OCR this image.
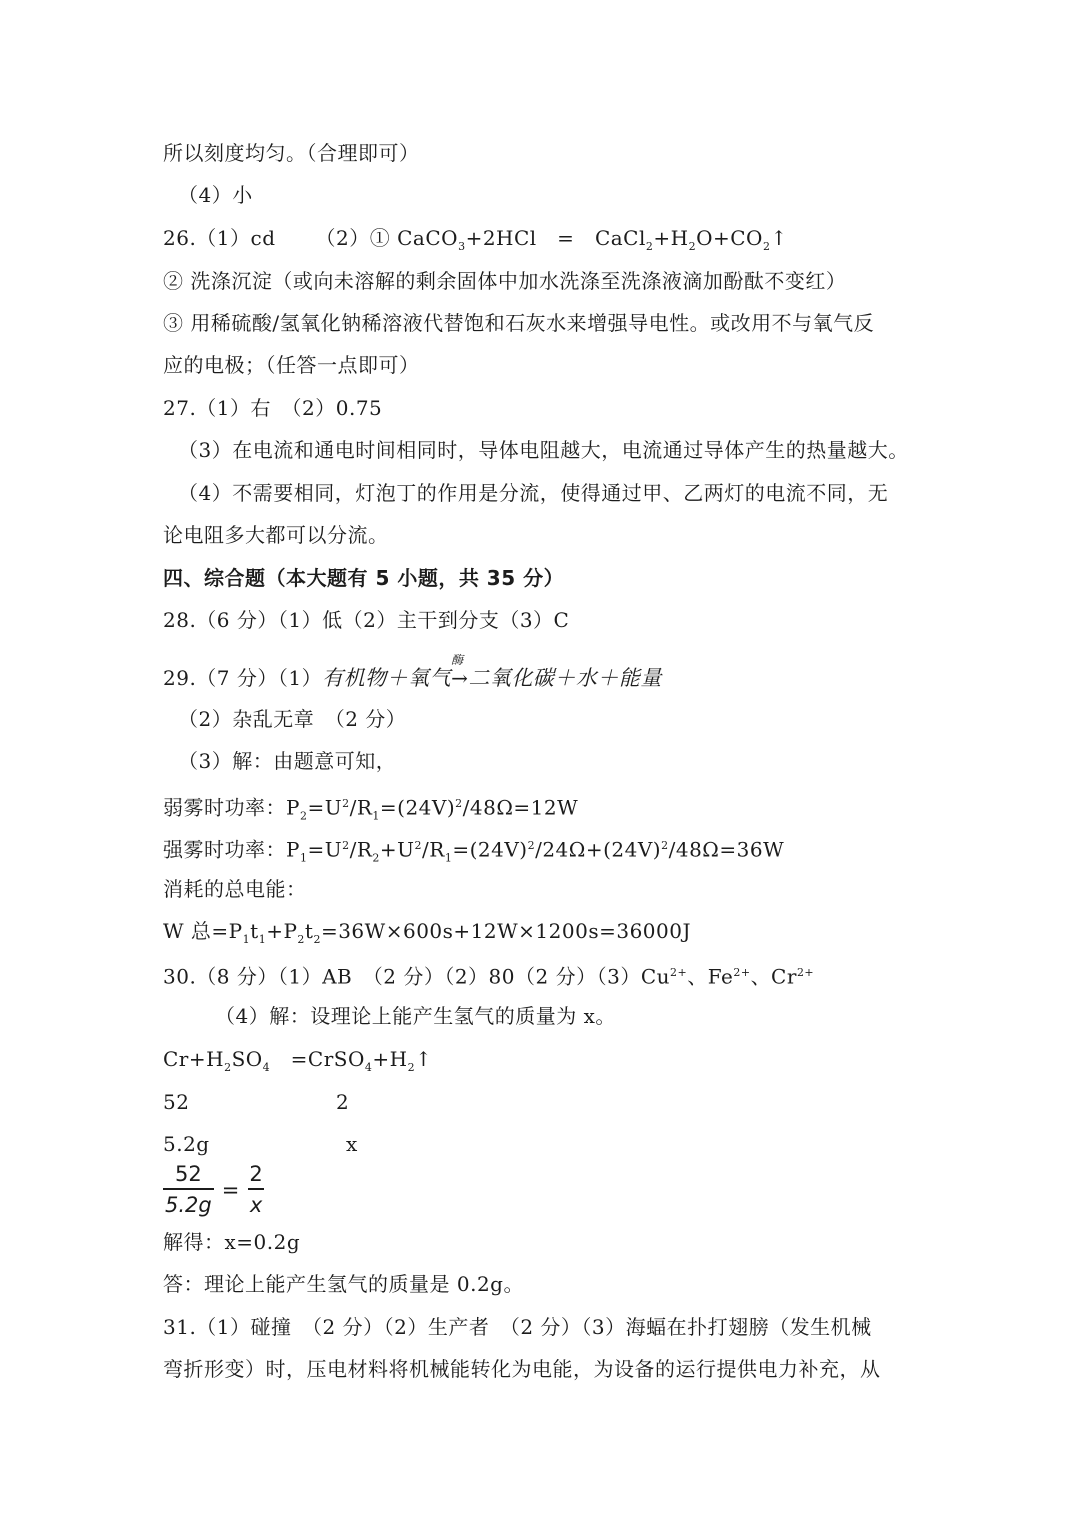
所以刻度均匀。（合理即可）
（4）小
26.（1）cd （2）① CaCO$_3$+2HCl　=　$CaCl_2+H_2O+CO_2↑$
② 洗涤沉淀（或向未溶解的剩余固体中加水洗涤至洗涤液滴加酚酞不变红）
③ 用稀硫酸/氢氧化钠稀溶液代替饱和石灰水来增强导电性。或改用不与氧气反
应的电极；（任答一点即可）
27.（1）右　（2）0.75
（3）在电流和通电时间相同时，导体电阻越大，电流通过导体产生的热量越大。
（4）不需要相同，灯泡丁的作用是分流，使得通过甲、乙两灯的电流不同，无
论电阻多大都可以分流。
四、综合题（本大题有 5 小题，共 35 分）
28.（6 分）（1）低（2）主干到分支（3）C
29.（7 分）（1）有机物＋氧气
酶
→二氧化碳＋水＋能量
（2）杂乱无章　（2 分）
（3）解：由题意可知，
弱雾时功率：$P_2=U^2/R_1=(24V)^2/48\Omega=12W$
强雾时功率：$P_1=U^2/R_2+U^2/R_1=(24V)^2/24\Omega+(24V)^2/48\Omega=36W$
消耗的总电能：
W 总$=P_1t_1+P_2t_2=36W\times 600s+12W\times 1200s=36000J$
30.（8 分）（1）AB　（2 分）（2）80（2 分）$(3)Cu^{2+}$、$Fe^{2+}$、$Cr^{2+}$
（4）解：设理论上能产生氢气的质量为 x。
$Cr+H_2SO_4$　$=CrSO_4+H_2↑$
52	2
5.2g	x
$\frac{52}{5.2g} = \frac{2}{x}$
解得：x=0.2g
答：理论上能产生氢气的质量是 0.2g。
31.（1）碰撞　（2 分）（2）生产者　（2 分）（3）海蝠在扑打翅膀（发生机械
弯折形变）时，压电材料将机械能转化为电能，为设备的运行提供电力补充，从
